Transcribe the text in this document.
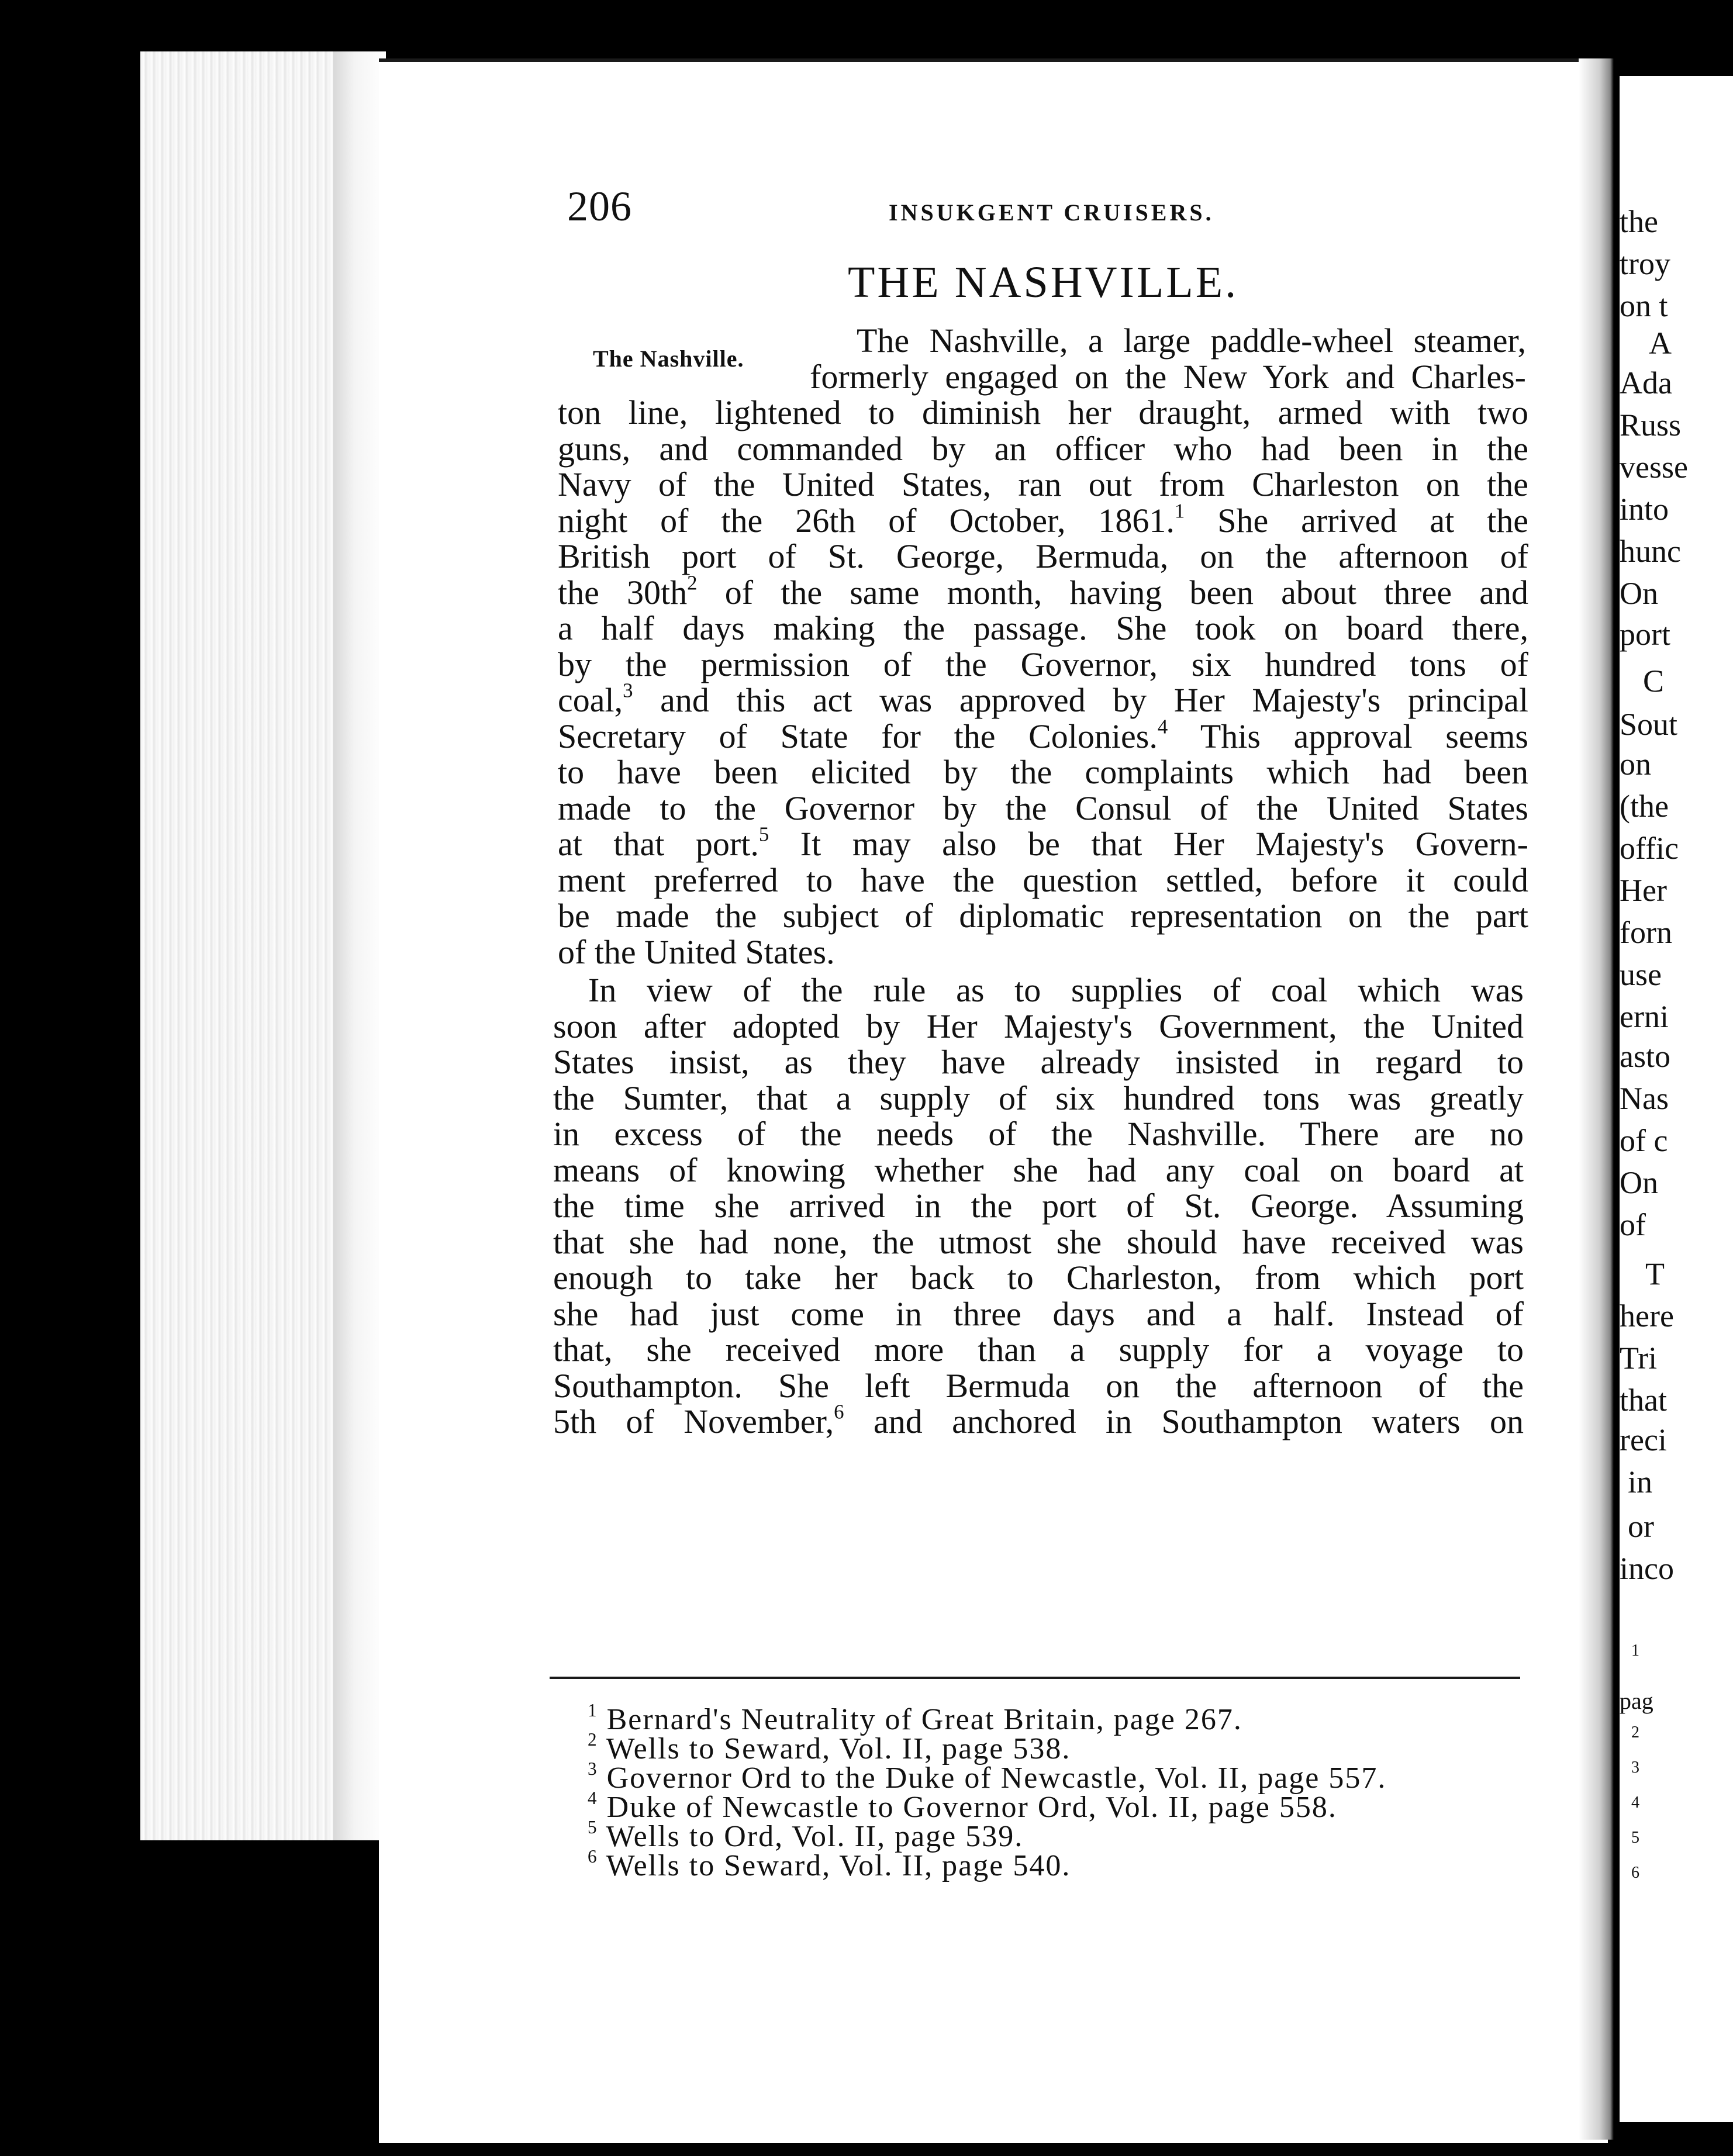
the
troy
on t
A
Ada
Russ
vesse
into
hunc
On
port
C
Sout
on
(the
offic
Her
forn
use
erni
asto
Nas
of c
On
of
T
here
Tri
that
reci
in
or
inco
1
pag
2
3
4
5
6
206	INSUKGENT CRUISERS.
THE NASHVILLE.
The Nashville.	The Nashville, a large paddle-wheel steamer,
formerly engaged on the New York and Charles-
ton line, lightened to diminish her draught, armed with two
guns, and commanded by an officer who had been in the
Navy of the United States, ran out from Charleston on the
night of the 26th of October, 1861.$^1$ She arrived at the
British port of St. George, Bermuda, on the afternoon of
the $30th^2$ of the same month, having been about three and
a half days making the passage. She took on board there,
by the permission of the Governor, six hundred tons of
coal,$^3$ and this act was approved by Her Majesty's principal
Secretary of State for the Colonies.$^4$ This approval seems
to have been elicited by the complaints which had been
made to the Governor by the Consul of the United States
at that port.$^5$ It may also be that Her Majesty's Govern-
ment preferred to have the question settled, before it could
be made the subject of diplomatic representation on the part
of the United States.
In view of the rule as to supplies of coal which was
soon after adopted by Her Majesty's Government, the United
States insist, as they have already insisted in regard to
the Sumter, that a supply of six hundred tons was greatly
in excess of the needs of the Nashville. There are no
means of knowing whether she had any coal on board at
the time she arrived in the port of St. George. Assuming
that she had none, the utmost she should have received was
enough to take her back to Charleston, from which port
she had just come in three days and a half. Instead of
that, she received more than a supply for a voyage to
Southampton. She left Bermuda on the afternoon of the
5th of November,$^6$ and anchored in Southampton waters on
$^1$ Bernard's Neutrality of Great Britain, page 267.
$^2$ Wells to Seward, Vol. II, page 538.
$^3$ Governor Ord to the Duke of Newcastle, Vol. II, page 557.
$^4$ Duke of Newcastle to Governor Ord, Vol. II, page 558.
$^5$ Wells to Ord, Vol. II, page 539.
$^6$ Wells to Seward, Vol. II, page 540.
